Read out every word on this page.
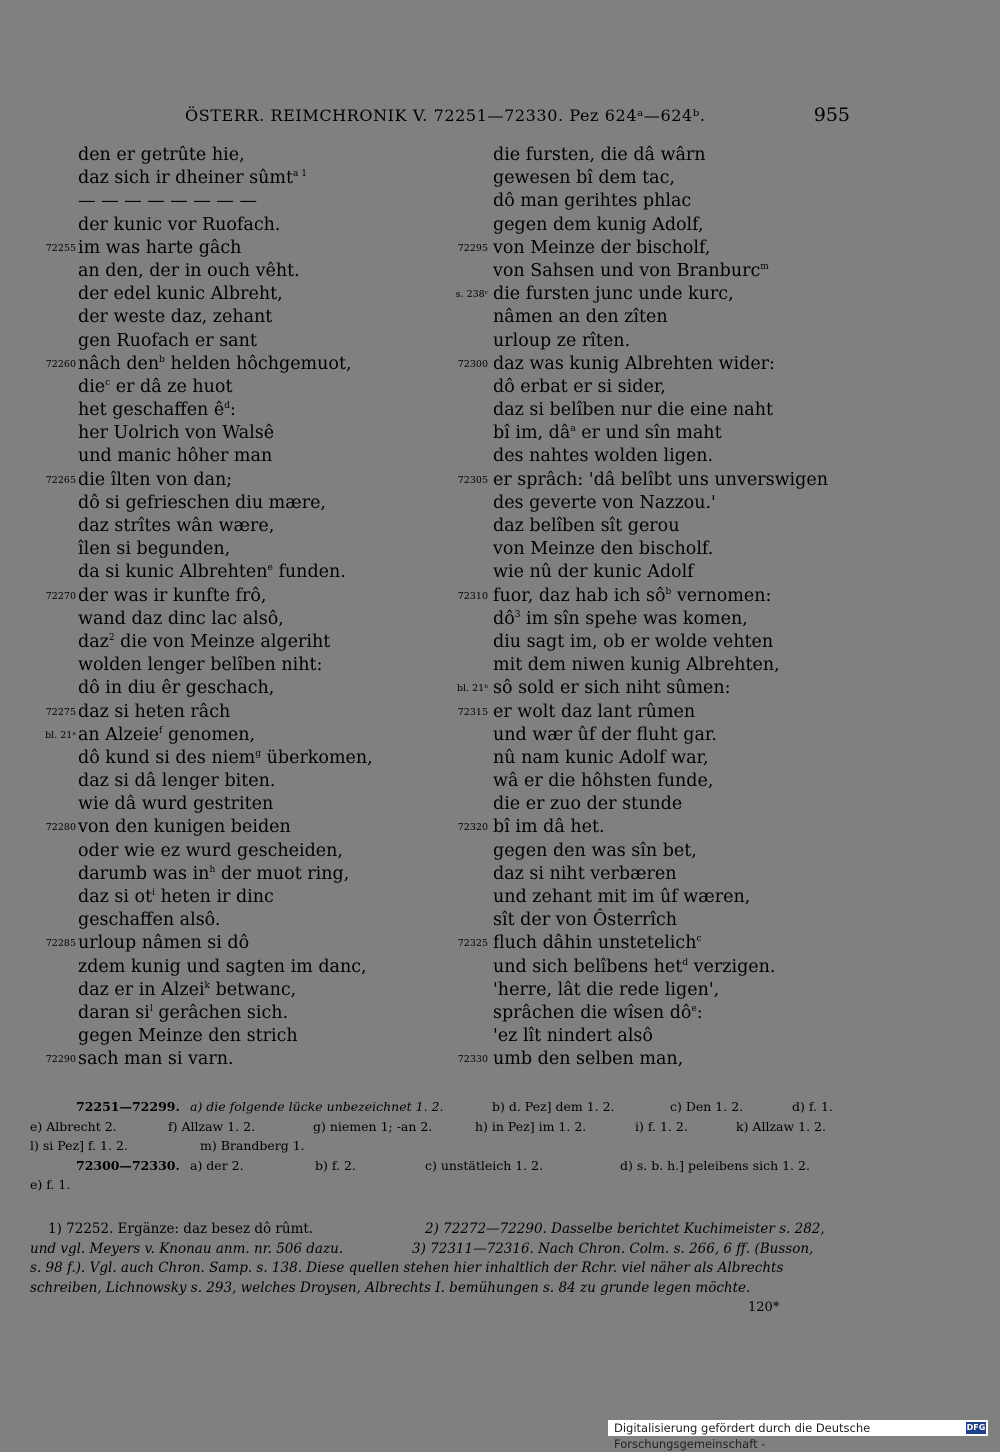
ÖSTERR. REIMCHRONIK V. 72251—72330. Pez 624ᵃ—624ᵇ.	955
den er getrûte hie,
daz sich ir dheiner sûmt$^{a 1}$
— — — — — — — —
der kunic vor Ruofach.
72255 im was harte gâch
an den, der in ouch vêht.
der edel kunic Albreht,
der weste daz, zehant
gen Ruofach er sant
72260 nâch den$^b$ helden hôchgemuot,
die$^c$ er dâ ze huot
het geschaffen $ê^d$:
her Uolrich von Walsê
und manic hôher man
72265 die îlten von dan;
dô si gefrieschen diu mære,
daz strîtes wân wære,
îlen si begunden,
da si kunic Albrehten$^e$ funden.
72270 der was ir kunfte frô,
wand daz dinc lac alsô,
daz$^2$ die von Meinze algeriht
wolden lenger belîben niht:
dô in diu êr geschach,
72275 daz si heten râch
bl. 21ᵃ an Alzeie$^f$ genomen,
dô kund si des niem$^g$ überkomen,
daz si dâ lenger biten.
wie dâ wurd gestriten
72280 von den kunigen beiden
oder wie ez wurd gescheiden,
darumb was $in^h$ der muot ring,
daz si $ot^i$ heten ir dinc
geschaffen alsô.
72285 urloup nâmen si dô
zdem kunig und sagten im danc,
daz er in Alzei$^k$ betwanc,
daran $si^l$ gerâchen sich.
gegen Meinze den strich
72290 sach man si varn.
die fursten, die dâ wârn
gewesen bî dem tac,
dô man gerihtes phlac
gegen dem kunig Adolf,
72295 von Meinze der bischolf,
von Sahsen und von Branburc$^m$
s. 238ᶜ die fursten junc unde kurc,
nâmen an den zîten
urloup ze rîten.
72300 daz was kunig Albrehten wider:
dô erbat er si sider,
daz si belîben nur die eine naht
bî im, $dâ^a$ er und sîn maht
des nahtes wolden ligen.
72305 er sprâch: 'dâ belîbt uns unverswigen
des geverte von Nazzou.'
daz belîben sît gerou
von Meinze den bischolf.
wie nû der kunic Adolf
72310 fuor, daz hab ich $sô^b$ vernomen:
$dô^3$ im sîn spehe was komen,
diu sagt im, ob er wolde vehten
mit dem niwen kunig Albrehten,
bl. 21ᵇ sô sold er sich niht sûmen:
72315 er wolt daz lant rûmen
und wær ûf der fluht gar.
nû nam kunic Adolf war,
wâ er die hôhsten funde,
die er zuo der stunde
72320 bî im dâ het.
gegen den was sîn bet,
daz si niht verbæren
und zehant mit im ûf wæren,
sît der von Ôsterrîch
72325 fluch dâhin unstetelich$^c$
und sich belîbens het$^d$ verzigen.
'herre, lât die rede ligen',
sprâchen die wîsen $dô^e$:
'ez lît nindert alsô
72330 umb den selben man,
72251—72299. a) die folgende lücke unbezeichnet 1. 2.	b) d. Pez] dem 1. 2.	c) Den 1. 2.	d) f. 1.
e) Albrecht 2.	f) Allzaw 1. 2.	g) niemen 1; -an 2.	h) in Pez] im 1. 2.	i) f. 1. 2.	k) Allzaw 1. 2.
l) si Pez] f. 1. 2.	m) Brandberg 1.
72300—72330. a) der 2.	b) f. 2.	c) unstätleich 1. 2.	d) s. b. h.] peleibens sich 1. 2.
e) f. 1.
1) 72252. Ergänze: daz besez dô rûmt.	2) 72272—72290. Dasselbe berichtet Kuchimeister s. 282,
und vgl. Meyers v. Knonau anm. nr. 506 dazu.	3) 72311—72316. Nach Chron. Colm. s. 266, 6 ff. (Busson,
s. 98 f.). Vgl. auch Chron. Samp. s. 138. Diese quellen stehen hier inhaltlich der Rchr. viel näher als Albrechts
schreiben, Lichnowsky s. 293, welches Droysen, Albrechts I. bemühungen s. 84 zu grunde legen möchte.
120*
Digitalisierung gefördert durch die Deutsche Forschungsgemeinschaft -
DFG
